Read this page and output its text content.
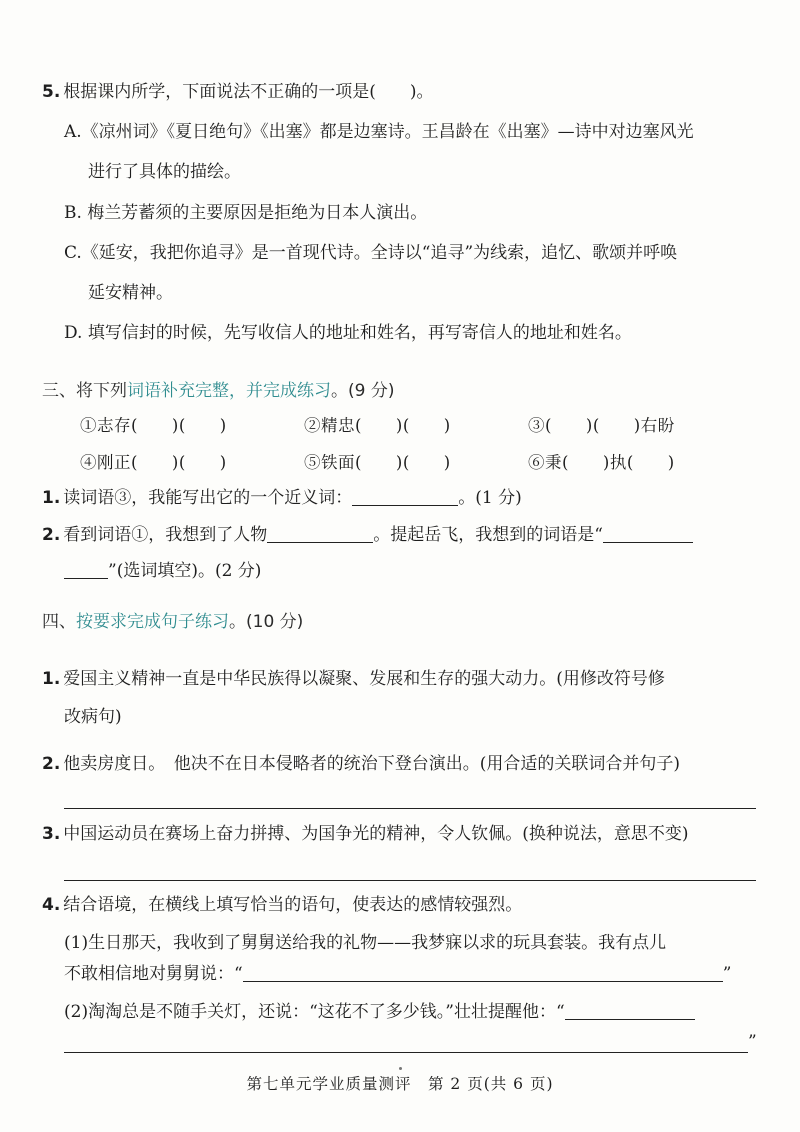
5. 根据课内所学，下面说法不正确的一项是(　　)。
A.《凉州词》《夏日绝句》《出塞》都是边塞诗。王昌龄在《出塞》—诗中对边塞风光
进行了具体的描绘。
B. 梅兰芳蓄须的主要原因是拒绝为日本人演出。
C.《延安，我把你追寻》是一首现代诗。全诗以“追寻”为线索，追忆、歌颂并呼唤
延安精神。
D. 填写信封的时候，先写收信人的地址和姓名，再写寄信人的地址和姓名。
三、将下列词语补充完整，并完成练习。(9 分)
①志存(　　)(　　)	②精忠(　　)(　　)	③(　　)(　　)右盼
④刚正(　　)(　　)	⑤铁面(　　)(　　)	⑥秉(　　)执(　　)
1. 读词语③，我能写出它的一个近义词：	。(1 分)
2. 看到词语①，我想到了人物	。提起岳飞，我想到的词语是“
”(选词填空)。(2 分)
四、按要求完成句子练习。(10 分)
1. 爱国主义精神一直是中华民族得以凝聚、发展和生存的强大动力。(用修改符号修
改病句)
2. 他卖房度日。　他决不在日本侵略者的统治下登台演出。(用合适的关联词合并句子)
3. 中国运动员在赛场上奋力拼搏、为国争光的精神，令人钦佩。(换种说法，意思不变)
4. 结合语境，在横线上填写恰当的语句，使表达的感情较强烈。
(1)生日那天，我收到了舅舅送给我的礼物——我梦寐以求的玩具套装。我有点儿
不敢相信地对舅舅说：“	”
(2)淘淘总是不随手关灯，还说：“这花不了多少钱。”壮壮提醒他：“
”
第七单元学业质量测评　第 2 页(共 6 页)
